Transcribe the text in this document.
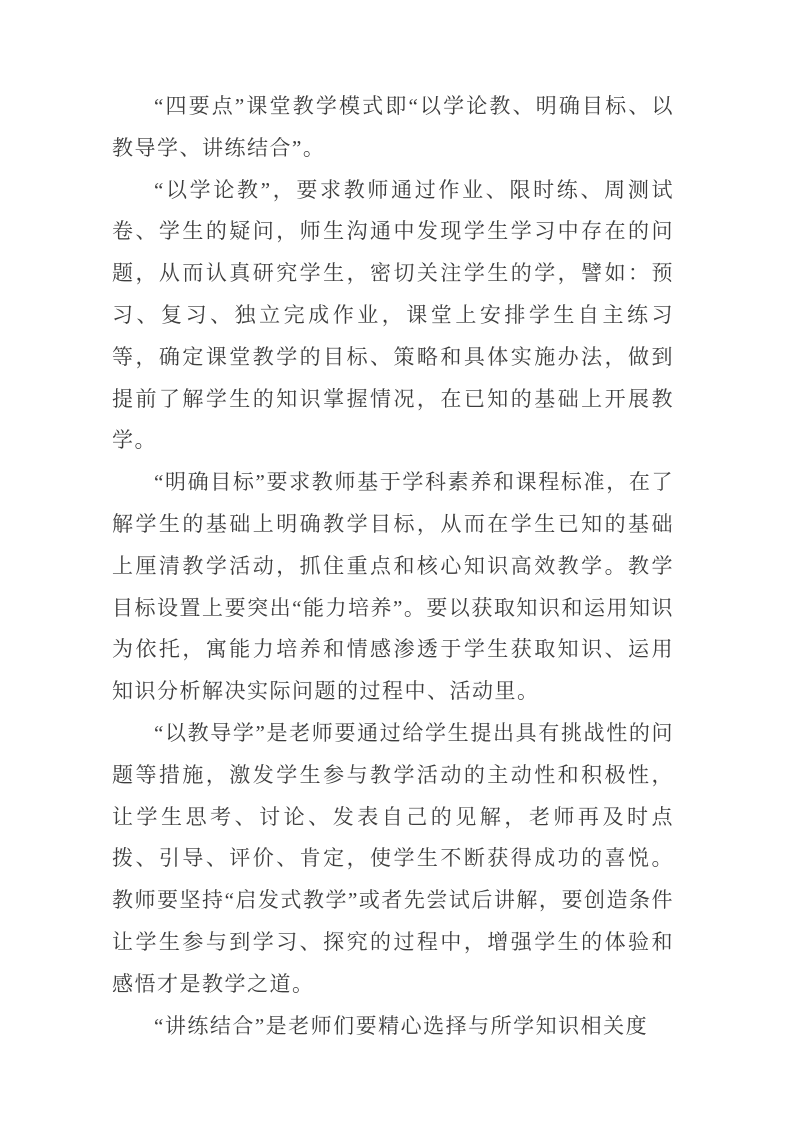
“四要点”课堂教学模式即“以学论教、明确目标、以教导学、讲练结合”。

“以学论教”，要求教师通过作业、限时练、周测试卷、学生的疑问，师生沟通中发现学生学习中存在的问题，从而认真研究学生，密切关注学生的学，譬如：预习、复习、独立完成作业，课堂上安排学生自主练习等，确定课堂教学的目标、策略和具体实施办法，做到提前了解学生的知识掌握情况，在已知的基础上开展教学。

“明确目标”要求教师基于学科素养和课程标准，在了解学生的基础上明确教学目标，从而在学生已知的基础上厘清教学活动，抓住重点和核心知识高效教学。教学目标设置上要突出“能力培养”。要以获取知识和运用知识为依托，寓能力培养和情感渗透于学生获取知识、运用知识分析解决实际问题的过程中、活动里。

“以教导学”是老师要通过给学生提出具有挑战性的问题等措施，激发学生参与教学活动的主动性和积极性，让学生思考、讨论、发表自己的见解，老师再及时点拨、引导、评价、肯定，使学生不断获得成功的喜悦。教师要坚持“启发式教学”或者先尝试后讲解，要创造条件让学生参与到学习、探究的过程中，增强学生的体验和感悟才是教学之道。

“讲练结合”是老师们要精心选择与所学知识相关度
